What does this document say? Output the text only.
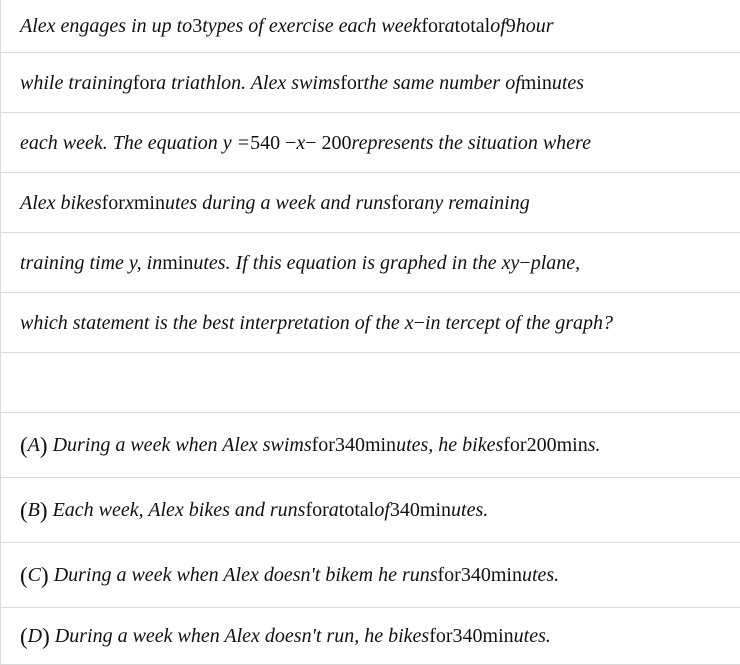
Alex engages in up to 3 types of exercise each week for a total of 9 hour
while training for a triathlon. Alex swims for the same number of min utes
each week. The equation y = 540 − x − 200 represents the situation where
Alex bikes for x min utes during a week and runs for any remaining
training time y, in min utes. If this equation is graphed in the xy − plane,
which statement is the best interpretation of the x − in tercept of the graph?
( A ) During a week when Alex swims for 340 min utes, he bikes for 200 min s.
( B ) Each week, Alex bikes and runs for a total of 340 min utes.
( C ) During a week when Alex doesn't bikem he runs for 340 min utes.
( D ) During a week when Alex doesn't run, he bikes for 340 min utes.
